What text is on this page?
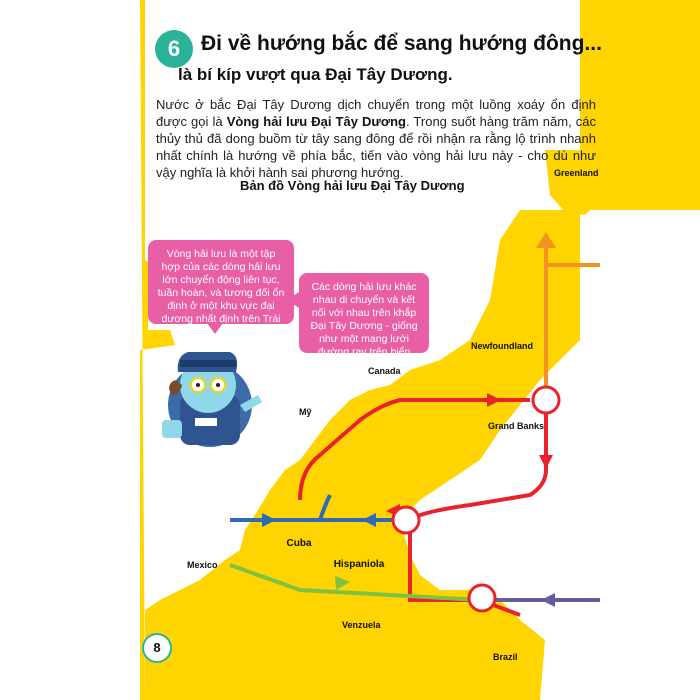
6 Đi về hướng bắc để sang hướng đông...
là bí kíp vượt qua Đại Tây Dương.
Nước ở bắc Đại Tây Dương dịch chuyển trong một luồng xoáy ổn định được gọi là Vòng hải lưu Đại Tây Dương. Trong suốt hàng trăm năm, các thủy thủ đã dong buồm từ tây sang đông để rồi nhận ra rằng lộ trình nhanh nhất chính là hướng về phía bắc, tiến vào vòng hải lưu này - cho dù như vậy nghĩa là khởi hành sai phương hướng.
Bản đồ Vòng hải lưu Đại Tây Dương
Vòng hải lưu là một tập hợp của các dòng hải lưu lớn chuyển động liên tục, tuần hoàn, và tương đối ổn định ở một khu vực đại dương nhất định trên Trái Đất.
Các dòng hải lưu khác nhau di chuyển và kết nối với nhau trên khắp Đại Tây Dương - giống như một mạng lưới đường ray trên biển vậy.
Greenland
Newfoundland
Canada
Mỹ
Grand Banks
Cuba
Hispaniola
Mexico
Venzuela
Brazil
8
